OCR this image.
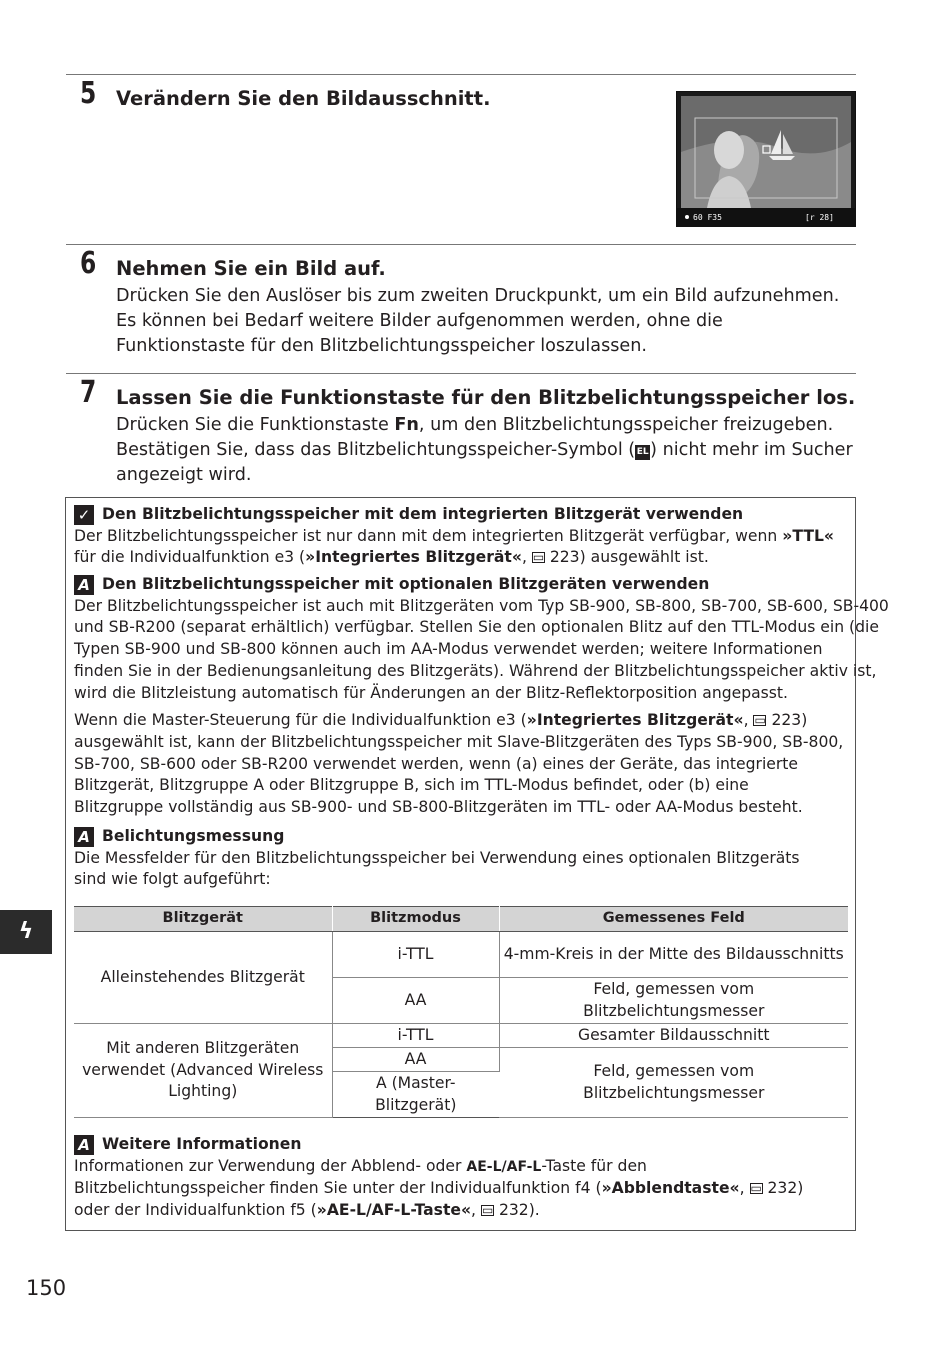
5 Verändern Sie den Bildausschnitt.
60 F35	[r 28]
6 Nehmen Sie ein Bild auf.

Drücken Sie den Auslöser bis zum zweiten Druckpunkt, um ein Bild aufzunehmen.

Es können bei Bedarf weitere Bilder aufgenommen werden, ohne die

Funktionstaste für den Blitzbelichtungsspeicher loszulassen.

7 Lassen Sie die Funktionstaste für den Blitzbelichtungsspeicher los.

Drücken Sie die Funktionstaste Fn, um den Blitzbelichtungsspeicher freizugeben.

Bestätigen Sie, dass das Blitzbelichtungsspeicher-Symbol ( EL) nicht mehr im Sucher

angezeigt wird.

✓ Den Blitzbelichtungsspeicher mit dem integrierten Blitzgerät verwenden

Der Blitzbelichtungsspeicher ist nur dann mit dem integrierten Blitzgerät verfügbar, wenn »TTL«

für die Individualfunktion e3 (»Integriertes Blitzgerät«, ▭ 223) ausgewählt ist.

A Den Blitzbelichtungsspeicher mit optionalen Blitzgeräten verwenden

Der Blitzbelichtungsspeicher ist auch mit Blitzgeräten vom Typ SB-900, SB-800, SB-700, SB-600, SB-400

und SB-R200 (separat erhältlich) verfügbar. Stellen Sie den optionalen Blitz auf den TTL-Modus ein (die

Typen SB-900 und SB-800 können auch im AA-Modus verwendet werden; weitere Informationen

finden Sie in der Bedienungsanleitung des Blitzgeräts). Während der Blitzbelichtungsspeicher aktiv ist,

wird die Blitzleistung automatisch für Änderungen an der Blitz-Reflektorposition angepasst.

Wenn die Master-Steuerung für die Individualfunktion e3 (»Integriertes Blitzgerät«, ▭ 223)

ausgewählt ist, kann der Blitzbelichtungsspeicher mit Slave-Blitzgeräten des Typs SB-900, SB-800,

SB-700, SB-600 oder SB-R200 verwendet werden, wenn (a) eines der Geräte, das integrierte

Blitzgerät, Blitzgruppe A oder Blitzgruppe B, sich im TTL-Modus befindet, oder (b) eine

Blitzgruppe vollständig aus SB-900- und SB-800-Blitzgeräten im TTL- oder AA-Modus besteht.

A Belichtungsmessung

Die Messfelder für den Blitzbelichtungsspeicher bei Verwendung eines optionalen Blitzgeräts

sind wie folgt aufgeführt:

Blitzgerät	Blitzmodus	Gemessenes Feld
Alleinstehendes Blitzgerät	i-TTL	4-mm-Kreis in der Mitte des Bildausschnitts
	AA	Feld, gemessen vom Blitzbelichtungsmesser
Mit anderen Blitzgeräten verwendet (Advanced Wireless Lighting)	i-TTL	Gesamter Bildausschnitt
	AA	Feld, gemessen vom Blitzbelichtungsmesser
	A (Master-Blitzgerät)	
A Weitere Informationen

Informationen zur Verwendung der Abblend- oder AE-L/AF-L-Taste für den

Blitzbelichtungsspeicher finden Sie unter der Individualfunktion f4 (»Abblendtaste«, ▭ 232)

oder der Individualfunktion f5 (»AE-L/AF-L-Taste«, ▭ 232).

ϟ
150
